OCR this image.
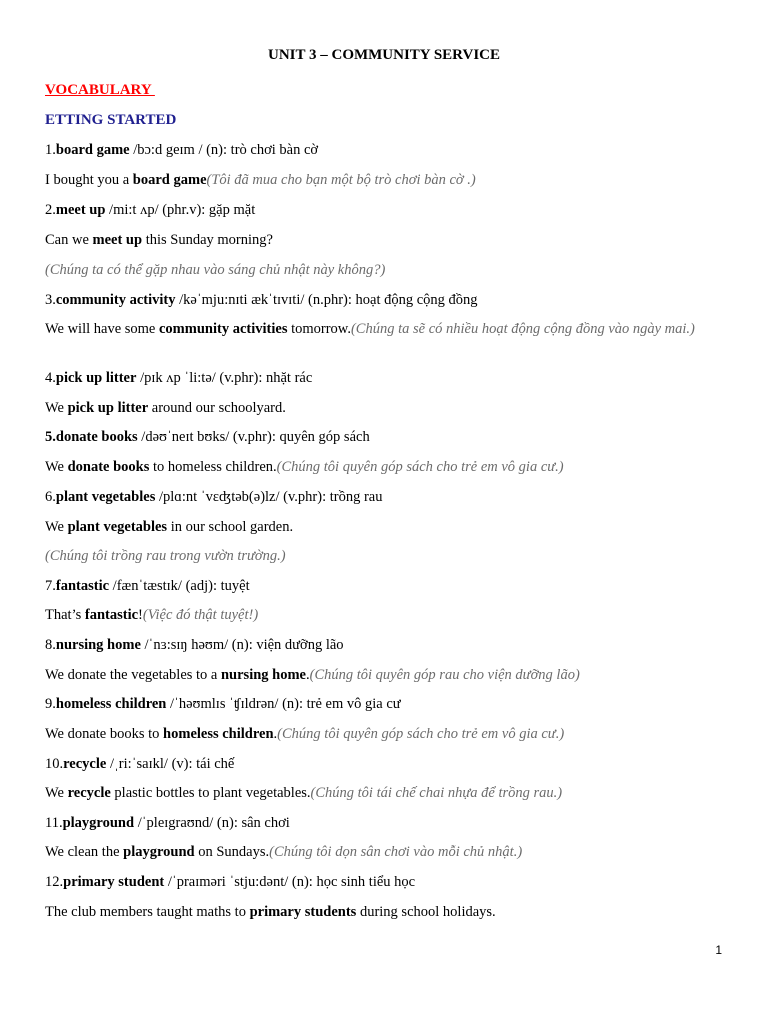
UNIT 3 – COMMUNITY SERVICE
VOCABULARY
ETTING STARTED
1.board game /bɔ:d geɪm / (n): trò chơi bàn cờ
I bought you a board game(Tôi đã mua cho bạn một bộ trò chơi bàn cờ .)
2.meet up /mi:t ʌp/ (phr.v): gặp mặt
Can we meet up this Sunday morning?
(Chúng ta có thể gặp nhau vào sáng chủ nhật này không?)
3.community activity /kəˈmju:nɪti ækˈtɪvɪti/ (n.phr): hoạt động cộng đồng
We will have some community activities tomorrow.(Chúng ta sẽ có nhiều hoạt động cộng đồng vào ngày mai.)
4.pick up litter /pɪk ʌp ˈli:tə/ (v.phr): nhặt rác
We pick up litter around our schoolyard.
5.donate books /dəʊˈneɪt bʊks/ (v.phr): quyên góp sách
We donate books to homeless children.(Chúng tôi quyên góp sách cho trẻ em vô gia cư.)
6.plant vegetables /plɑ:nt ˈvɛʤtəb(ə)lz/ (v.phr): trồng rau
We plant vegetables in our school garden.
(Chúng tôi trồng rau trong vườn trường.)
7.fantastic /fænˈtæstɪk/ (adj): tuyệt
That’s fantastic!(Việc đó thật tuyệt!)
8.nursing home /ˈnɜ:sɪŋ həʊm/ (n): viện dưỡng lão
We donate the vegetables to a nursing home.(Chúng tôi quyên góp rau cho viện dưỡng lão)
9.homeless children /ˈhəʊmlɪs ˈʧɪldrən/ (n): trẻ em vô gia cư
We donate books to homeless children.(Chúng tôi quyên góp sách cho trẻ em vô gia cư.)
10.recycle /ˌri:ˈsaɪkl/ (v): tái chế
We recycle plastic bottles to plant vegetables.(Chúng tôi tái chế chai nhựa để trồng rau.)
11.playground /ˈpleɪgraʊnd/ (n): sân chơi
We clean the playground on Sundays.(Chúng tôi dọn sân chơi vào mỗi chủ nhật.)
12.primary student /ˈpraɪməri ˈstju:dənt/ (n): học sinh tiểu học
The club members taught maths to primary students during school holidays.
1
